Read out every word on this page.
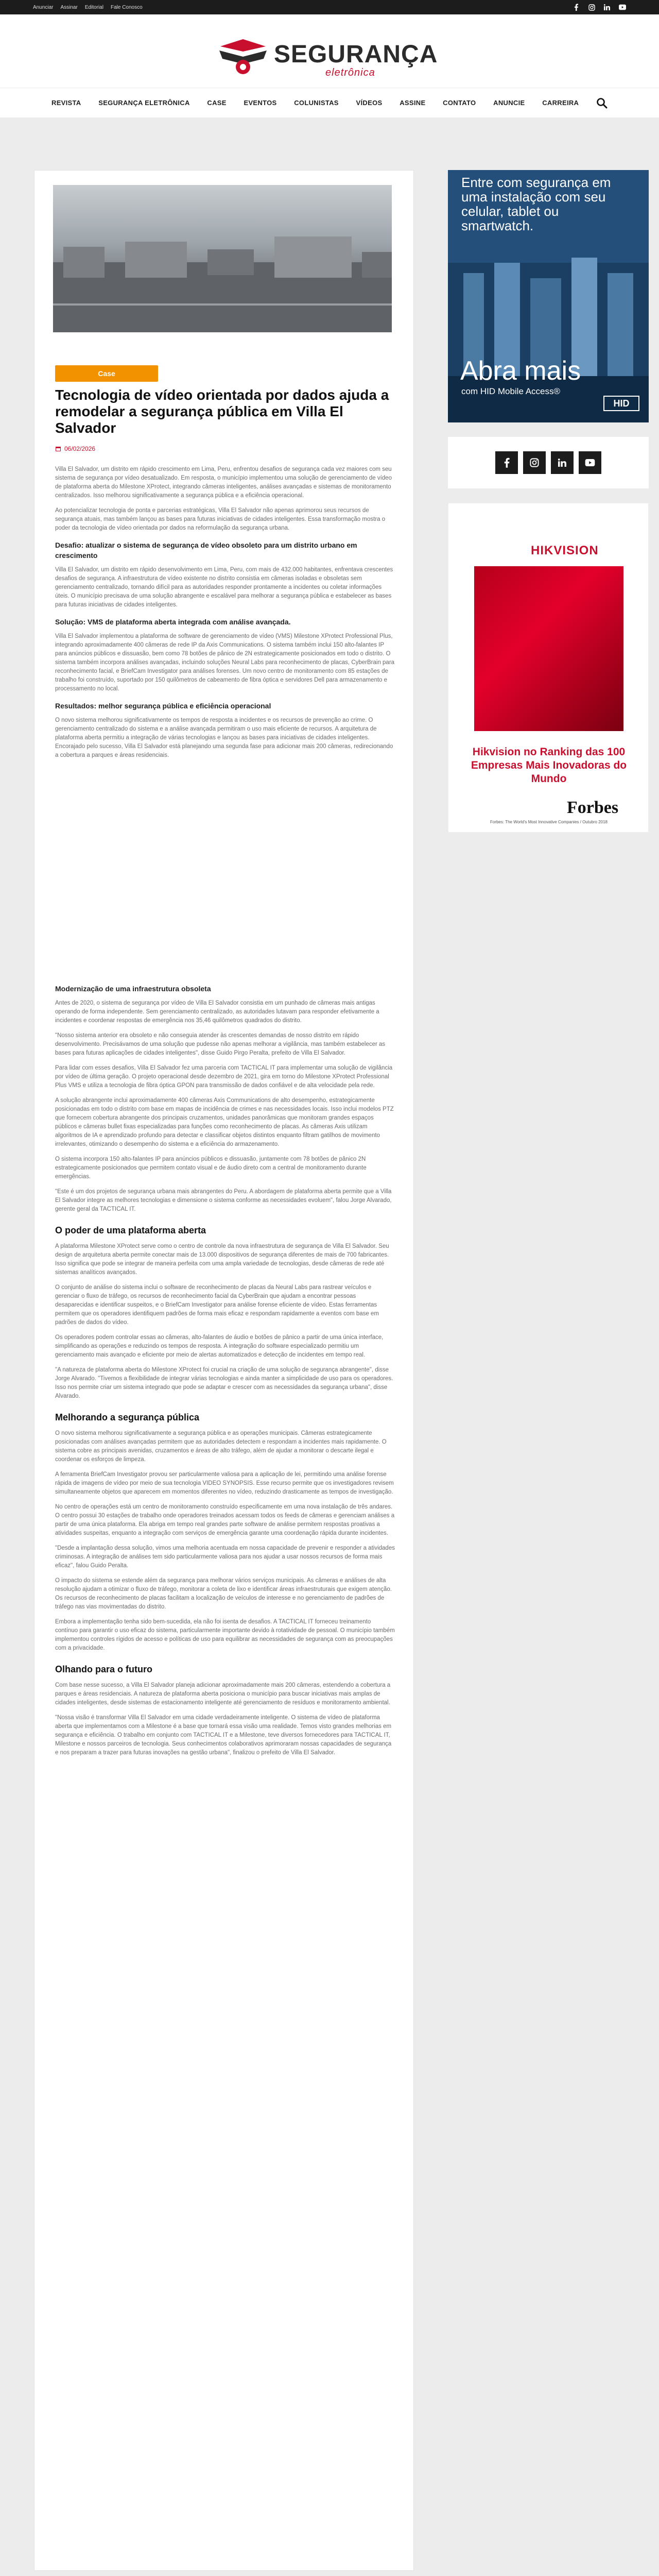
Anunciar Assinar Editorial Fale Conosco
SEGURANÇA
eletrônica
REVISTA	SEGURANÇA ELETRÔNICA	CASE	EVENTOS	COLUNISTAS	VÍDEOS	ASSINE	CONTATO	ANUNCIE	CARREIRA
Case
Tecnologia de vídeo orientada por dados ajuda a remodelar a segurança pública em Villa El Salvador
06/02/2026

Villa El Salvador, um distrito em rápido crescimento em Lima, Peru, enfrentou desafios de segurança cada vez maiores com seu sistema de segurança por vídeo desatualizado. Em resposta, o município implementou uma solução de gerenciamento de vídeo de plataforma aberta do Milestone XProtect, integrando câmeras inteligentes, análises avançadas e sistemas de monitoramento centralizados. Isso melhorou significativamente a segurança pública e a eficiência operacional.

Ao potencializar tecnologia de ponta e parcerias estratégicas, Villa El Salvador não apenas aprimorou seus recursos de segurança atuais, mas também lançou as bases para futuras iniciativas de cidades inteligentes. Essa transformação mostra o poder da tecnologia de vídeo orientada por dados na reformulação da segurança urbana.

Desafio: atualizar o sistema de segurança de vídeo obsoleto para um distrito urbano em crescimento

Villa El Salvador, um distrito em rápido desenvolvimento em Lima, Peru, com mais de 432.000 habitantes, enfrentava crescentes desafios de segurança. A infraestrutura de vídeo existente no distrito consistia em câmeras isoladas e obsoletas sem gerenciamento centralizado, tornando difícil para as autoridades responder prontamente a incidentes ou coletar informações úteis. O município precisava de uma solução abrangente e escalável para melhorar a segurança pública e estabelecer as bases para futuras iniciativas de cidades inteligentes.

Solução: VMS de plataforma aberta integrada com análise avançada.

Villa El Salvador implementou a plataforma de software de gerenciamento de vídeo (VMS) Milestone XProtect Professional Plus, integrando aproximadamente 400 câmeras de rede IP da Axis Communications. O sistema também inclui 150 alto-falantes IP para anúncios públicos e dissuasão, bem como 78 botões de pânico de 2N estrategicamente posicionados em todo o distrito. O sistema também incorpora análises avançadas, incluindo soluções Neural Labs para reconhecimento de placas, CyberBrain para reconhecimento facial, e BriefCam Investigator para análises forenses. Um novo centro de monitoramento com 85 estações de trabalho foi construído, suportado por 150 quilômetros de cabeamento de fibra óptica e servidores Dell para armazenamento e processamento no local.

Resultados: melhor segurança pública e eficiência operacional

O novo sistema melhorou significativamente os tempos de resposta a incidentes e os recursos de prevenção ao crime. O gerenciamento centralizado do sistema e a análise avançada permitiram o uso mais eficiente de recursos. A arquitetura de plataforma aberta permitiu a integração de várias tecnologias e lançou as bases para iniciativas de cidades inteligentes. Encorajado pelo sucesso, Villa El Salvador está planejando uma segunda fase para adicionar mais 200 câmeras, redirecionando a cobertura a parques e áreas residenciais.

Modernização de uma infraestrutura obsoleta

Antes de 2020, o sistema de segurança por vídeo de Villa El Salvador consistia em um punhado de câmeras mais antigas operando de forma independente. Sem gerenciamento centralizado, as autoridades lutavam para responder efetivamente a incidentes e coordenar respostas de emergência nos 35,46 quilômetros quadrados do distrito.

"Nosso sistema anterior era obsoleto e não conseguia atender às crescentes demandas de nosso distrito em rápido desenvolvimento. Precisávamos de uma solução que pudesse não apenas melhorar a vigilância, mas também estabelecer as bases para futuras aplicações de cidades inteligentes", disse Guido Pirgo Peralta, prefeito de Villa El Salvador.

Para lidar com esses desafios, Villa El Salvador fez uma parceria com TACTICAL IT para implementar uma solução de vigilância por vídeo de última geração. O projeto operacional desde dezembro de 2021, gira em torno do Milestone XProtect Professional Plus VMS e utiliza a tecnologia de fibra óptica GPON para transmissão de dados confiável e de alta velocidade pela rede.

A solução abrangente inclui aproximadamente 400 câmeras Axis Communications de alto desempenho, estrategicamente posicionadas em todo o distrito com base em mapas de incidência de crimes e nas necessidades locais. Isso inclui modelos PTZ que fornecem cobertura abrangente dos principais cruzamentos, unidades panorâmicas que monitoram grandes espaços públicos e câmeras bullet fixas especializadas para funções como reconhecimento de placas. As câmeras Axis utilizam algoritmos de IA e aprendizado profundo para detectar e classificar objetos distintos enquanto filtram gatilhos de movimento irrelevantes, otimizando o desempenho do sistema e a eficiência do armazenamento.

O sistema incorpora 150 alto-falantes IP para anúncios públicos e dissuasão, juntamente com 78 botões de pânico 2N estrategicamente posicionados que permitem contato visual e de áudio direto com a central de monitoramento durante emergências.

"Este é um dos projetos de segurança urbana mais abrangentes do Peru. A abordagem de plataforma aberta permite que a Villa El Salvador integre as melhores tecnologias e dimensione o sistema conforme as necessidades evoluem", falou Jorge Alvarado, gerente geral da TACTICAL IT.

O poder de uma plataforma aberta

A plataforma Milestone XProtect serve como o centro de controle da nova infraestrutura de segurança de Villa El Salvador. Seu design de arquitetura aberta permite conectar mais de 13.000 dispositivos de segurança diferentes de mais de 700 fabricantes. Isso significa que pode se integrar de maneira perfeita com uma ampla variedade de tecnologias, desde câmeras de rede até sistemas analíticos avançados.

O conjunto de análise do sistema inclui o software de reconhecimento de placas da Neural Labs para rastrear veículos e gerenciar o fluxo de tráfego, os recursos de reconhecimento facial da CyberBrain que ajudam a encontrar pessoas desaparecidas e identificar suspeitos, e o BriefCam Investigator para análise forense eficiente de vídeo. Estas ferramentas permitem que os operadores identifiquem padrões de forma mais eficaz e respondam rapidamente a eventos com base em padrões de dados do vídeo.

Os operadores podem controlar essas ao câmeras, alto-falantes de áudio e botões de pânico a partir de uma única interface, simplificando as operações e reduzindo os tempos de resposta. A integração do software especializado permitiu um gerenciamento mais avançado e eficiente por meio de alertas automatizados e detecção de incidentes em tempo real.

"A natureza de plataforma aberta do Milestone XProtect foi crucial na criação de uma solução de segurança abrangente", disse Jorge Alvarado. "Tivemos a flexibilidade de integrar várias tecnologias e ainda manter a simplicidade de uso para os operadores. Isso nos permite criar um sistema integrado que pode se adaptar e crescer com as necessidades da segurança urbana", disse Alvarado.

Melhorando a segurança pública

O novo sistema melhorou significativamente a segurança pública e as operações municipais. Câmeras estrategicamente posicionadas com análises avançadas permitem que as autoridades detectem e respondam a incidentes mais rapidamente. O sistema cobre as principais avenidas, cruzamentos e áreas de alto tráfego, além de ajudar a monitorar o descarte ilegal e coordenar os esforços de limpeza.

A ferramenta BriefCam Investigator provou ser particularmente valiosa para a aplicação de lei, permitindo uma análise forense rápida de imagens de vídeo por meio de sua tecnologia VIDEO SYNOPSIS. Esse recurso permite que os investigadores revisem simultaneamente objetos que aparecem em momentos diferentes no vídeo, reduzindo drasticamente as tempos de investigação.

No centro de operações está um centro de monitoramento construído especificamente em uma nova instalação de três andares. O centro possui 30 estações de trabalho onde operadores treinados acessam todos os feeds de câmeras e gerenciam análises a partir de uma única plataforma. Ela abriga em tempo real grandes parte software de análise permitem respostas proativas a atividades suspeitas, enquanto a integração com serviços de emergência garante uma coordenação rápida durante incidentes.

"Desde a implantação dessa solução, vimos uma melhoria acentuada em nossa capacidade de prevenir e responder a atividades criminosas. A integração de análises tem sido particularmente valiosa para nos ajudar a usar nossos recursos de forma mais eficaz", falou Guido Peralta.

O impacto do sistema se estende além da segurança para melhorar vários serviços municipais. As câmeras e análises de alta resolução ajudam a otimizar o fluxo de tráfego, monitorar a coleta de lixo e identificar áreas infraestruturais que exigem atenção. Os recursos de reconhecimento de placas facilitam a localização de veículos de interesse e no gerenciamento de padrões de tráfego nas vias movimentadas do distrito.

Embora a implementação tenha sido bem-sucedida, ela não foi isenta de desafios. A TACTICAL IT forneceu treinamento contínuo para garantir o uso eficaz do sistema, particularmente importante devido à rotatividade de pessoal. O município também implementou controles rígidos de acesso e políticas de uso para equilibrar as necessidades de segurança com as preocupações com a privacidade.

Olhando para o futuro

Com base nesse sucesso, a Villa El Salvador planeja adicionar aproximadamente mais 200 câmeras, estendendo a cobertura a parques e áreas residenciais. A natureza de plataforma aberta posiciona o município para buscar iniciativas mais amplas de cidades inteligentes, desde sistemas de estacionamento inteligente até gerenciamento de resíduos e monitoramento ambiental.

"Nossa visão é transformar Villa El Salvador em uma cidade verdadeiramente inteligente. O sistema de vídeo de plataforma aberta que implementamos com a Milestone é a base que tornará essa visão uma realidade. Temos visto grandes melhorias em segurança e eficiência. O trabalho em conjunto com TACTICAL IT e a Milestone, teve diversos fornecedores para TACTICAL IT, Milestone e nossos parceiros de tecnologia. Seus conhecimentos colaborativos aprimoraram nossas capacidades de segurança e nos preparam a trazer para futuras inovações na gestão urbana", finalizou o prefeito de Villa El Salvador.

Entre com segurança em uma instalação com seu celular, tablet ou smartwatch.
Abra mais
com HID Mobile Access®
HID
HIKVISION
Hikvision no Ranking das 100 Empresas Mais Inovadoras do Mundo
Forbes
Forbes: The World's Most Innovative Companies / Outubro 2018
